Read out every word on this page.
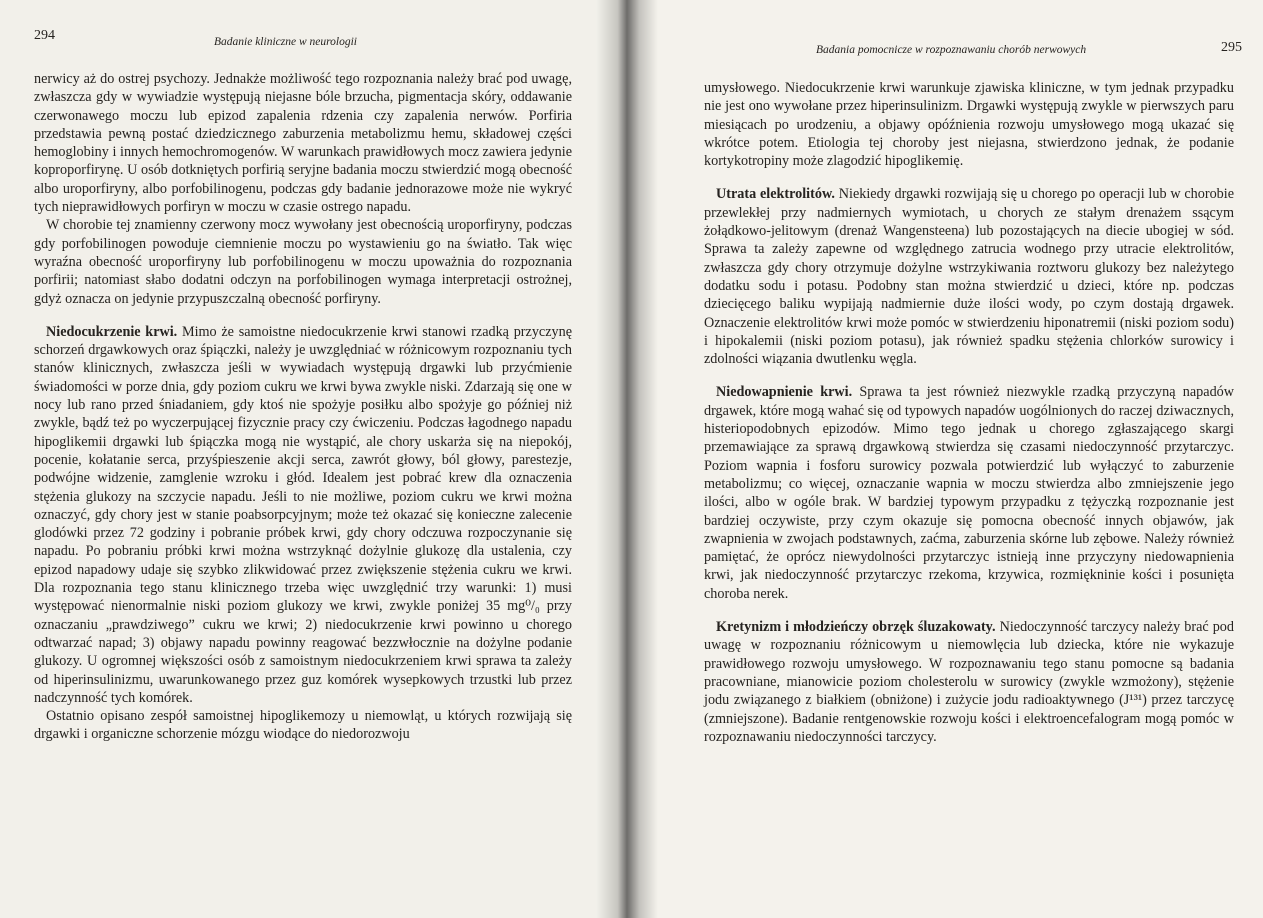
294	Badanie kliniczne w neurologii

nerwicy aż do ostrej psychozy. Jednakże możliwość tego rozpoznania należy brać pod uwagę, zwłaszcza gdy w wywiadzie występują niejasne bóle brzucha, pigmentacja skóry, oddawanie czerwonawego moczu lub epizod zapalenia rdzenia czy zapalenia nerwów. Porfiria przedstawia pewną postać dziedzicznego zaburzenia metabolizmu hemu, składowej części hemoglobiny i innych hemochromogenów. W warunkach prawidłowych mocz zawiera jedynie koproporfirynę. U osób dotkniętych porfirią seryjne badania moczu stwierdzić mogą obecność albo uroporfiryny, albo porfobilinogenu, podczas gdy badanie jednorazowe może nie wykryć tych nieprawidłowych porfiryn w moczu w czasie ostrego napadu.

W chorobie tej znamienny czerwony mocz wywołany jest obecnością uroporfiryny, podczas gdy porfobilinogen powoduje ciemnienie moczu po wystawieniu go na światło. Tak więc wyraźna obecność uroporfiryny lub porfobilinogenu w moczu upoważnia do rozpoznania porfirii; natomiast słabo dodatni odczyn na porfobilinogen wymaga interpretacji ostrożnej, gdyż oznacza on jedynie przypuszczalną obecność porfiryny.

Niedocukrzenie krwi. Mimo że samoistne niedocukrzenie krwi stanowi rzadką przyczynę schorzeń drgawkowych oraz śpiączki, należy je uwzględniać w różnicowym rozpoznaniu tych stanów klinicznych, zwłaszcza jeśli w wywiadach występują drgawki lub przyćmienie świadomości w porze dnia, gdy poziom cukru we krwi bywa zwykle niski. Zdarzają się one w nocy lub rano przed śniadaniem, gdy ktoś nie spożyje posiłku albo spożyje go później niż zwykle, bądź też po wyczerpującej fizycznie pracy czy ćwiczeniu. Podczas łagodnego napadu hipoglikemii drgawki lub śpiączka mogą nie wystąpić, ale chory uskarża się na niepokój, pocenie, kołatanie serca, przyśpieszenie akcji serca, zawrót głowy, ból głowy, parestezje, podwójne widzenie, zamglenie wzroku i głód. Idealem jest pobrać krew dla oznaczenia stężenia glukozy na szczycie napadu. Jeśli to nie możliwe, poziom cukru we krwi można oznaczyć, gdy chory jest w stanie poabsorpcyjnym; może też okazać się konieczne zalecenie glodówki przez 72 godziny i pobranie próbek krwi, gdy chory odczuwa rozpoczynanie się napadu. Po pobraniu próbki krwi można wstrzyknąć dożylnie glukozę dla ustalenia, czy epizod napadowy udaje się szybko zlikwidować przez zwiększenie stężenia cukru we krwi. Dla rozpoznania tego stanu klinicznego trzeba więc uwzględnić trzy warunki: 1) musi występować nienormalnie niski poziom glukozy we krwi, zwykle poniżej 35 mg⁰/₀ przy oznaczaniu „prawdziwego” cukru we krwi; 2) niedocukrzenie krwi powinno u chorego odtwarzać napad; 3) objawy napadu powinny reagować bezzwłocznie na dożylne podanie glukozy. U ogromnej większości osób z samoistnym niedocukrzeniem krwi sprawa ta zależy od hiperinsulinizmu, uwarunkowanego przez guz komórek wysepkowych trzustki lub przez nadczynność tych komórek.

Ostatnio opisano zespół samoistnej hipoglikemozy u niemowląt, u których rozwijają się drgawki i organiczne schorzenie mózgu wiodące do niedorozwoju

Badania pomocnicze w rozpoznawaniu chorób nerwowych	295

umysłowego. Niedocukrzenie krwi warunkuje zjawiska kliniczne, w tym jednak przypadku nie jest ono wywołane przez hiperinsulinizm. Drgawki występują zwykle w pierwszych paru miesiącach po urodzeniu, a objawy opóźnienia rozwoju umysłowego mogą ukazać się wkrótce potem. Etiologia tej choroby jest niejasna, stwierdzono jednak, że podanie kortykotropiny może zlagodzić hipoglikemię.

Utrata elektrolitów. Niekiedy drgawki rozwijają się u chorego po operacji lub w chorobie przewlekłej przy nadmiernych wymiotach, u chorych ze stałym drenażem ssącym żołądkowo-jelitowym (drenaż Wangensteena) lub pozostających na diecie ubogiej w sód. Sprawa ta zależy zapewne od względnego zatrucia wodnego przy utracie elektrolitów, zwłaszcza gdy chory otrzymuje dożylne wstrzykiwania roztworu glukozy bez należytego dodatku sodu i potasu. Podobny stan można stwierdzić u dzieci, które np. podczas dziecięcego baliku wypijają nadmiernie duże ilości wody, po czym dostają drgawek. Oznaczenie elektrolitów krwi może pomóc w stwierdzeniu hiponatremii (niski poziom sodu) i hipokalemii (niski poziom potasu), jak również spadku stężenia chlorków surowicy i zdolności wiązania dwutlenku węgla.

Niedowapnienie krwi. Sprawa ta jest również niezwykle rzadką przyczyną napadów drgawek, które mogą wahać się od typowych napadów uogólnionych do raczej dziwacznych, histeriopodobnych epizodów. Mimo tego jednak u chorego zgłaszającego skargi przemawiające za sprawą drgawkową stwierdza się czasami niedoczynność przytarczyc. Poziom wapnia i fosforu surowicy pozwala potwierdzić lub wyłączyć to zaburzenie metabolizmu; co więcej, oznaczanie wapnia w moczu stwierdza albo zmniejszenie jego ilości, albo w ogóle brak. W bardziej typowym przypadku z tężyczką rozpoznanie jest bardziej oczywiste, przy czym okazuje się pomocna obecność innych objawów, jak zwapnienia w zwojach podstawnych, zaćma, zaburzenia skórne lub zębowe. Należy również pamiętać, że oprócz niewydolności przytarczyc istnieją inne przyczyny niedowapnienia krwi, jak niedoczynność przytarczyc rzekoma, krzywica, rozmiękninie kości i posunięta choroba nerek.

Kretynizm i młodzieńczy obrzęk śluzakowaty. Niedoczynność tarczycy należy brać pod uwagę w rozpoznaniu różnicowym u niemowlęcia lub dziecka, które nie wykazuje prawidłowego rozwoju umysłowego. W rozpoznawaniu tego stanu pomocne są badania pracowniane, mianowicie poziom cholesterolu w surowicy (zwykle wzmożony), stężenie jodu związanego z białkiem (obniżone) i zużycie jodu radioaktywnego (J¹³¹) przez tarczycę (zmniejszone). Badanie rentgenowskie rozwoju kości i elektroencefalogram mogą pomóc w rozpoznawaniu niedoczynności tarczycy.
